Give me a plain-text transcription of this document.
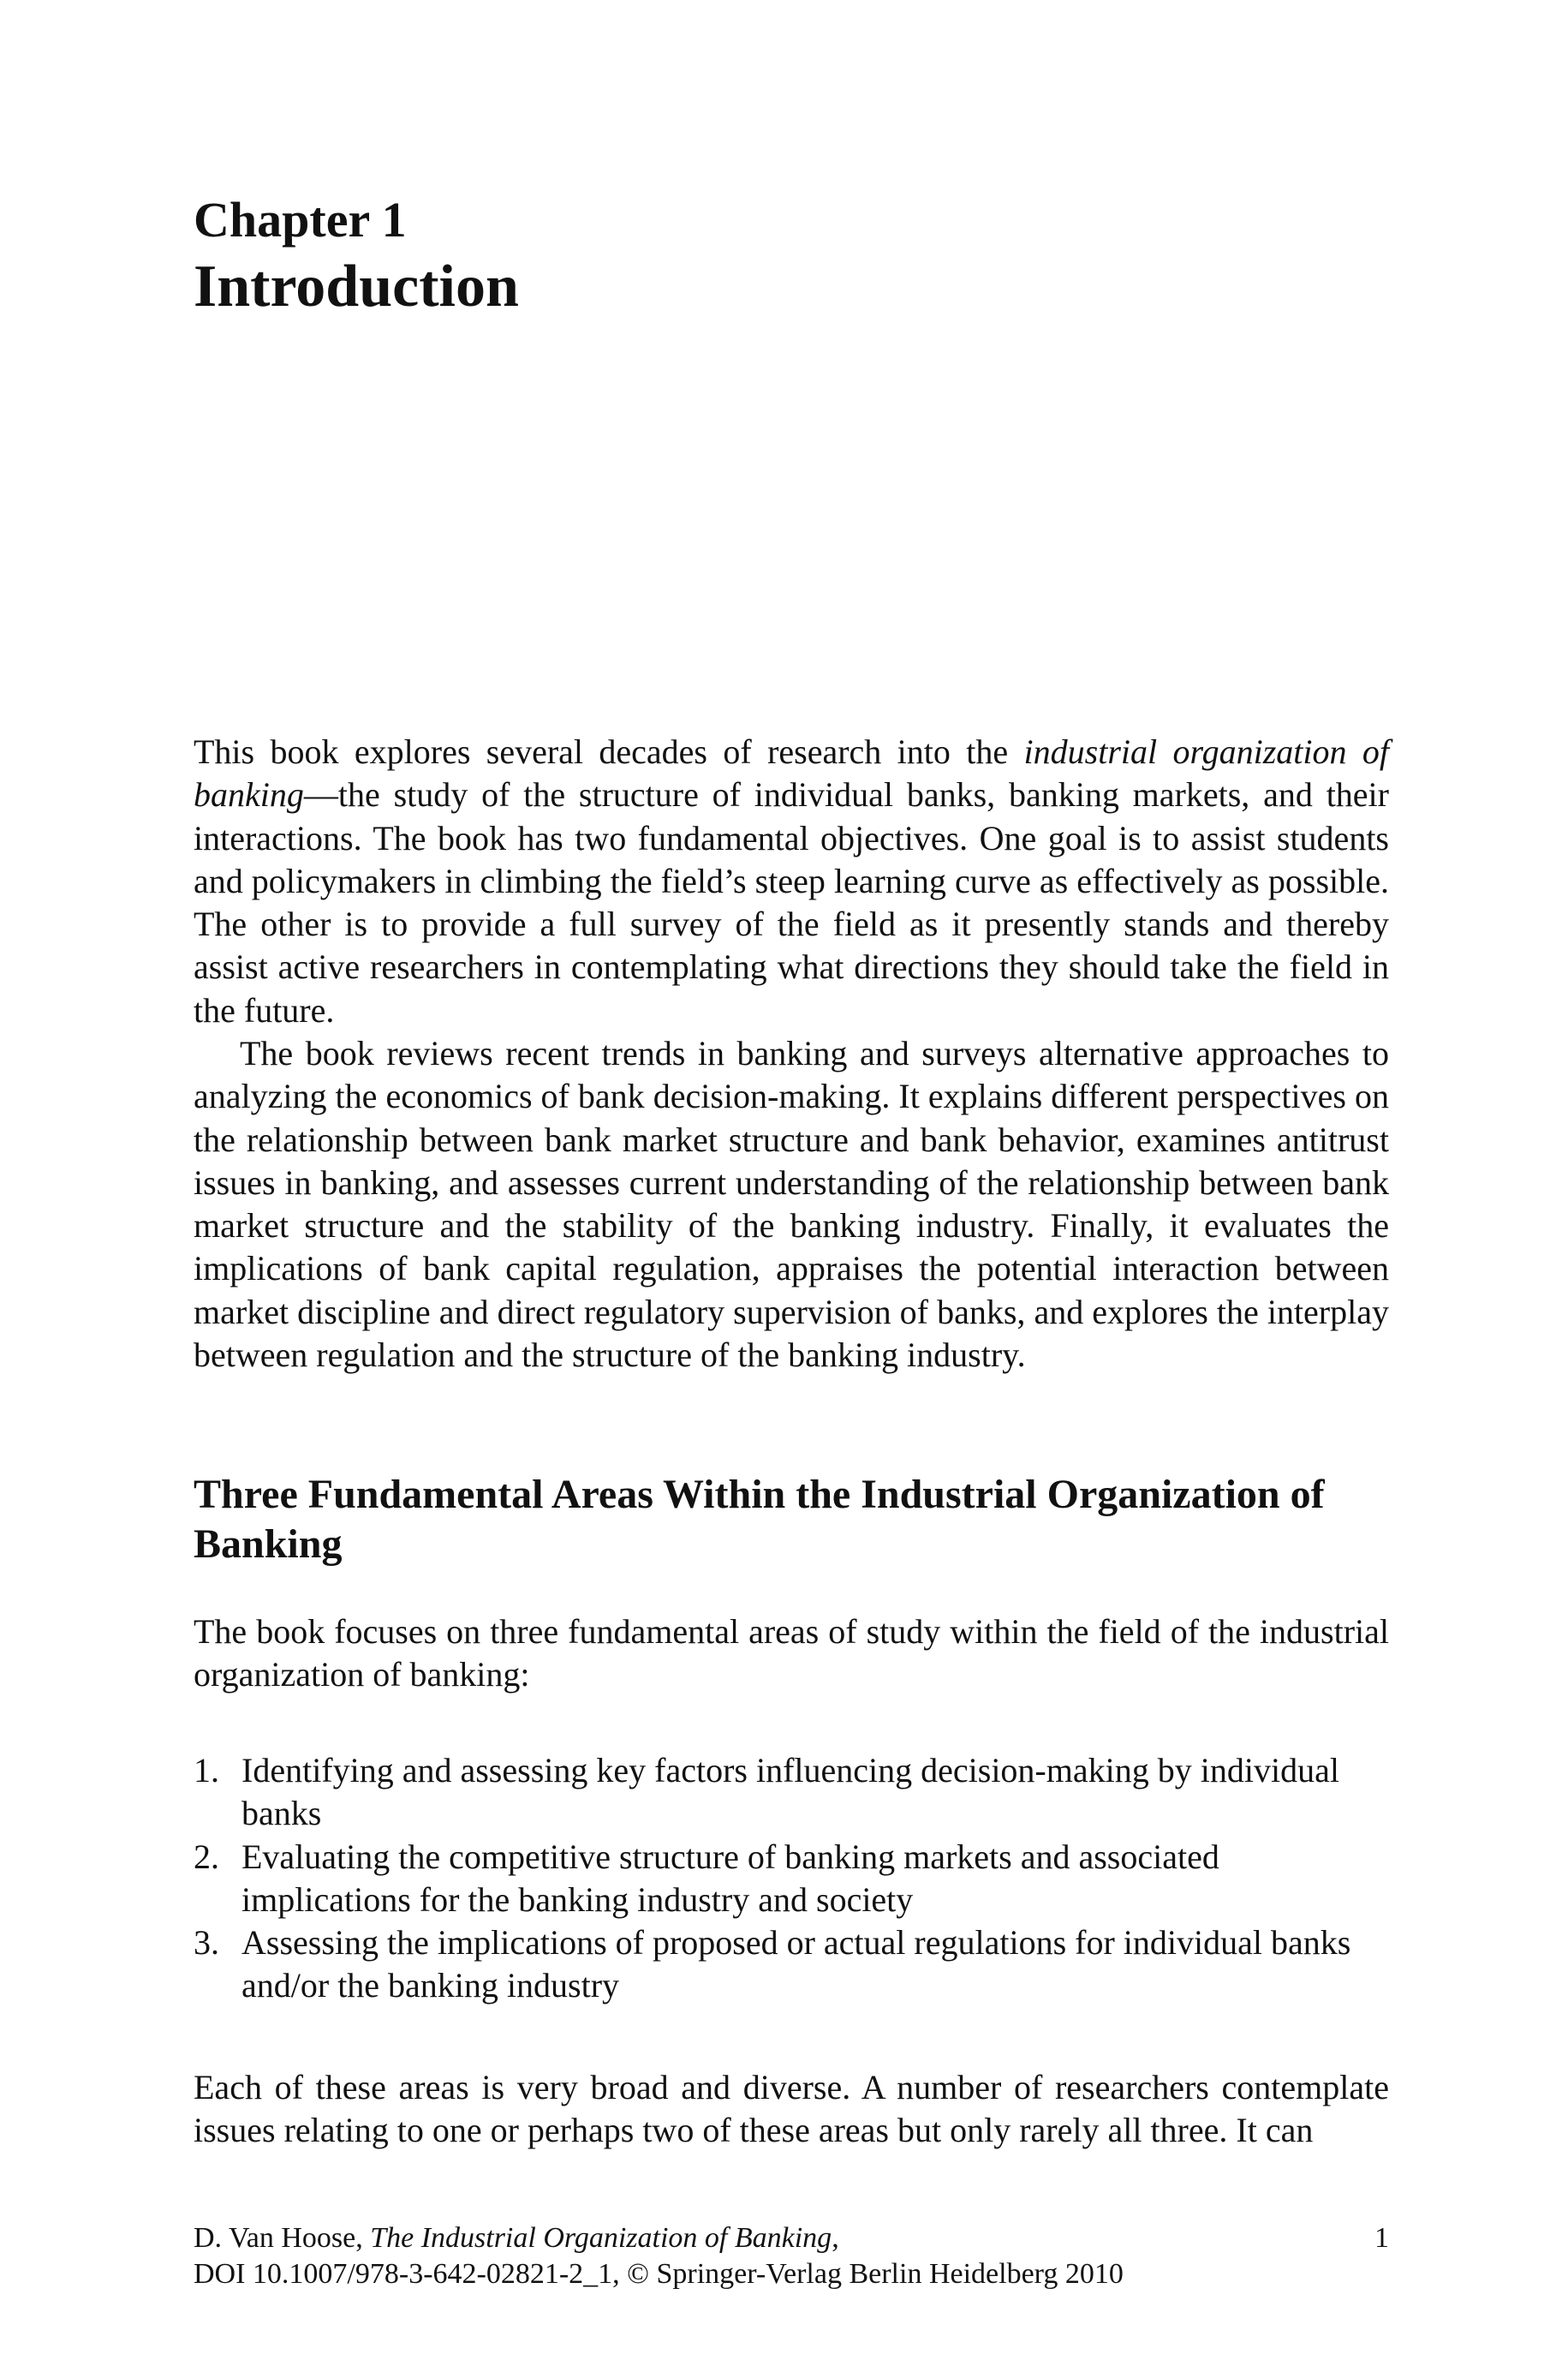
Chapter 1
Introduction

This book explores several decades of research into the industrial organization of banking—the study of the structure of individual banks, banking markets, and their interactions. The book has two fundamental objectives. One goal is to assist students and policymakers in climbing the field’s steep learning curve as effectively as possible. The other is to provide a full survey of the field as it presently stands and thereby assist active researchers in contemplating what directions they should take the field in the future.

The book reviews recent trends in banking and surveys alternative approaches to analyzing the economics of bank decision-making. It explains different perspectives on the relationship between bank market structure and bank behavior, examines antitrust issues in banking, and assesses current understanding of the relationship between bank market structure and the stability of the banking industry. Finally, it evaluates the implications of bank capital regulation, appraises the potential interaction between market discipline and direct regulatory supervision of banks, and explores the interplay between regulation and the structure of the banking industry.

Three Fundamental Areas Within the Industrial Organization of Banking

The book focuses on three fundamental areas of study within the field of the industrial organization of banking:

1. Identifying and assessing key factors influencing decision-making by individual banks
2. Evaluating the competitive structure of banking markets and associated implications for the banking industry and society
3. Assessing the implications of proposed or actual regulations for individual banks and/or the banking industry

Each of these areas is very broad and diverse. A number of researchers contemplate issues relating to one or perhaps two of these areas but only rarely all three. It can

D. Van Hoose, The Industrial Organization of Banking,	1
DOI 10.1007/978-3-642-02821-2_1, © Springer-Verlag Berlin Heidelberg 2010
